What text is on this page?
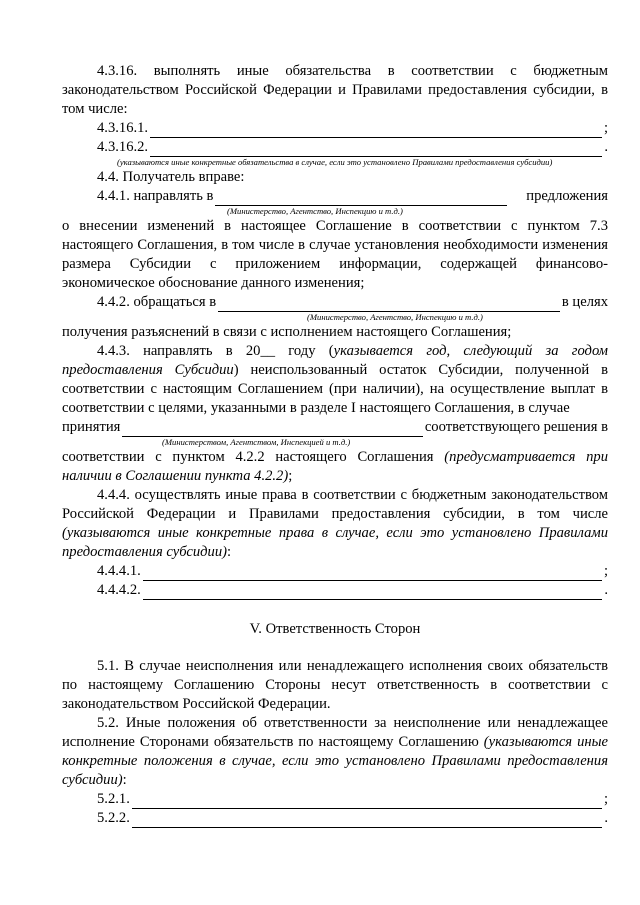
4.3.16. выполнять иные обязательства в соответствии с бюджетным

законодательством Российской Федерации и Правилами предоставления субсидии, в том числе:

4.3.16.1.	;
4.3.16.2.	.

(указываются иные конкретные обязательства в случае, если это установлено Правилами предоставления субсидии)

4.4. Получатель вправе:

4.4.1. направлять в	предложения

(Министерство, Агентство, Инспекцию и т.д.)

о внесении изменений в настоящее Соглашение в соответствии с пунктом 7.3 настоящего Соглашения, в том числе в случае установления необходимости изменения размера Субсидии с приложением информации, содержащей финансово-экономическое обоснование данного изменения;

4.4.2. обращаться в	в целях

(Министерство, Агентство, Инспекцию и т.д.)

получения разъяснений в связи с исполнением настоящего Соглашения;

4.4.3. направлять в 20__ году (указывается год, следующий за годом предоставления Субсидии) неиспользованный остаток Субсидии, полученной в соответствии с настоящим Соглашением (при наличии), на осуществление выплат в соответствии с целями, указанными в разделе I настоящего Соглашения, в случае

принятия	соответствующего решения в

(Министерством, Агентством, Инспекцией и т.д.)

соответствии с пунктом 4.2.2 настоящего Соглашения (предусматривается при наличии в Соглашении пункта 4.2.2);

4.4.4. осуществлять иные права в соответствии с бюджетным законодательством Российской Федерации и Правилами предоставления субсидии, в том числе (указываются иные конкретные права в случае, если это установлено Правилами предоставления субсидии):

4.4.4.1.	;
4.4.4.2.	.

V. Ответственность Сторон

5.1. В случае неисполнения или ненадлежащего исполнения своих обязательств по настоящему Соглашению Стороны несут ответственность в соответствии с законодательством Российской Федерации.

5.2. Иные положения об ответственности за неисполнение или ненадлежащее исполнение Сторонами обязательств по настоящему Соглашению (указываются иные конкретные положения в случае, если это установлено Правилами предоставления субсидии):

5.2.1.	;
5.2.2.	.
